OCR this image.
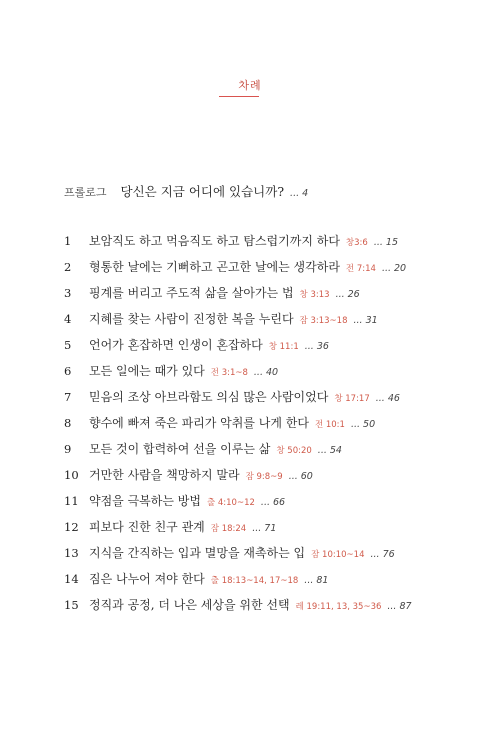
차례
프롤로그 당신은 지금 어디에 있습니까? ... 4
1	보암직도 하고 먹음직도 하고 탐스럽기까지 하다 창3:6 ... 15
2	형통한 날에는 기뻐하고 곤고한 날에는 생각하라 전 7:14 ... 20
3	핑계를 버리고 주도적 삶을 살아가는 법 창 3:13 ... 26
4	지혜를 찾는 사람이 진정한 복을 누린다 잠 3:13~18 ... 31
5	언어가 혼잡하면 인생이 혼잡하다 창 11:1 ... 36
6	모든 일에는 때가 있다 전 3:1~8 ... 40
7	믿음의 조상 아브라함도 의심 많은 사람이었다 창 17:17 ... 46
8	향수에 빠져 죽은 파리가 악취를 나게 한다 전 10:1 ... 50
9	모든 것이 합력하여 선을 이루는 삶 창 50:20 ... 54
10 거만한 사람을 책망하지 말라 잠 9:8~9 ... 60
11 약점을 극복하는 방법 출 4:10~12 ... 66
12 피보다 진한 친구 관계 잠 18:24 ... 71
13 지식을 간직하는 입과 멸망을 재촉하는 입 잠 10:10~14 ... 76
14 짐은 나누어 져야 한다 출 18:13~14, 17~18 ... 81
15 정직과 공정, 더 나은 세상을 위한 선택 레 19:11, 13, 35~36 ... 87
